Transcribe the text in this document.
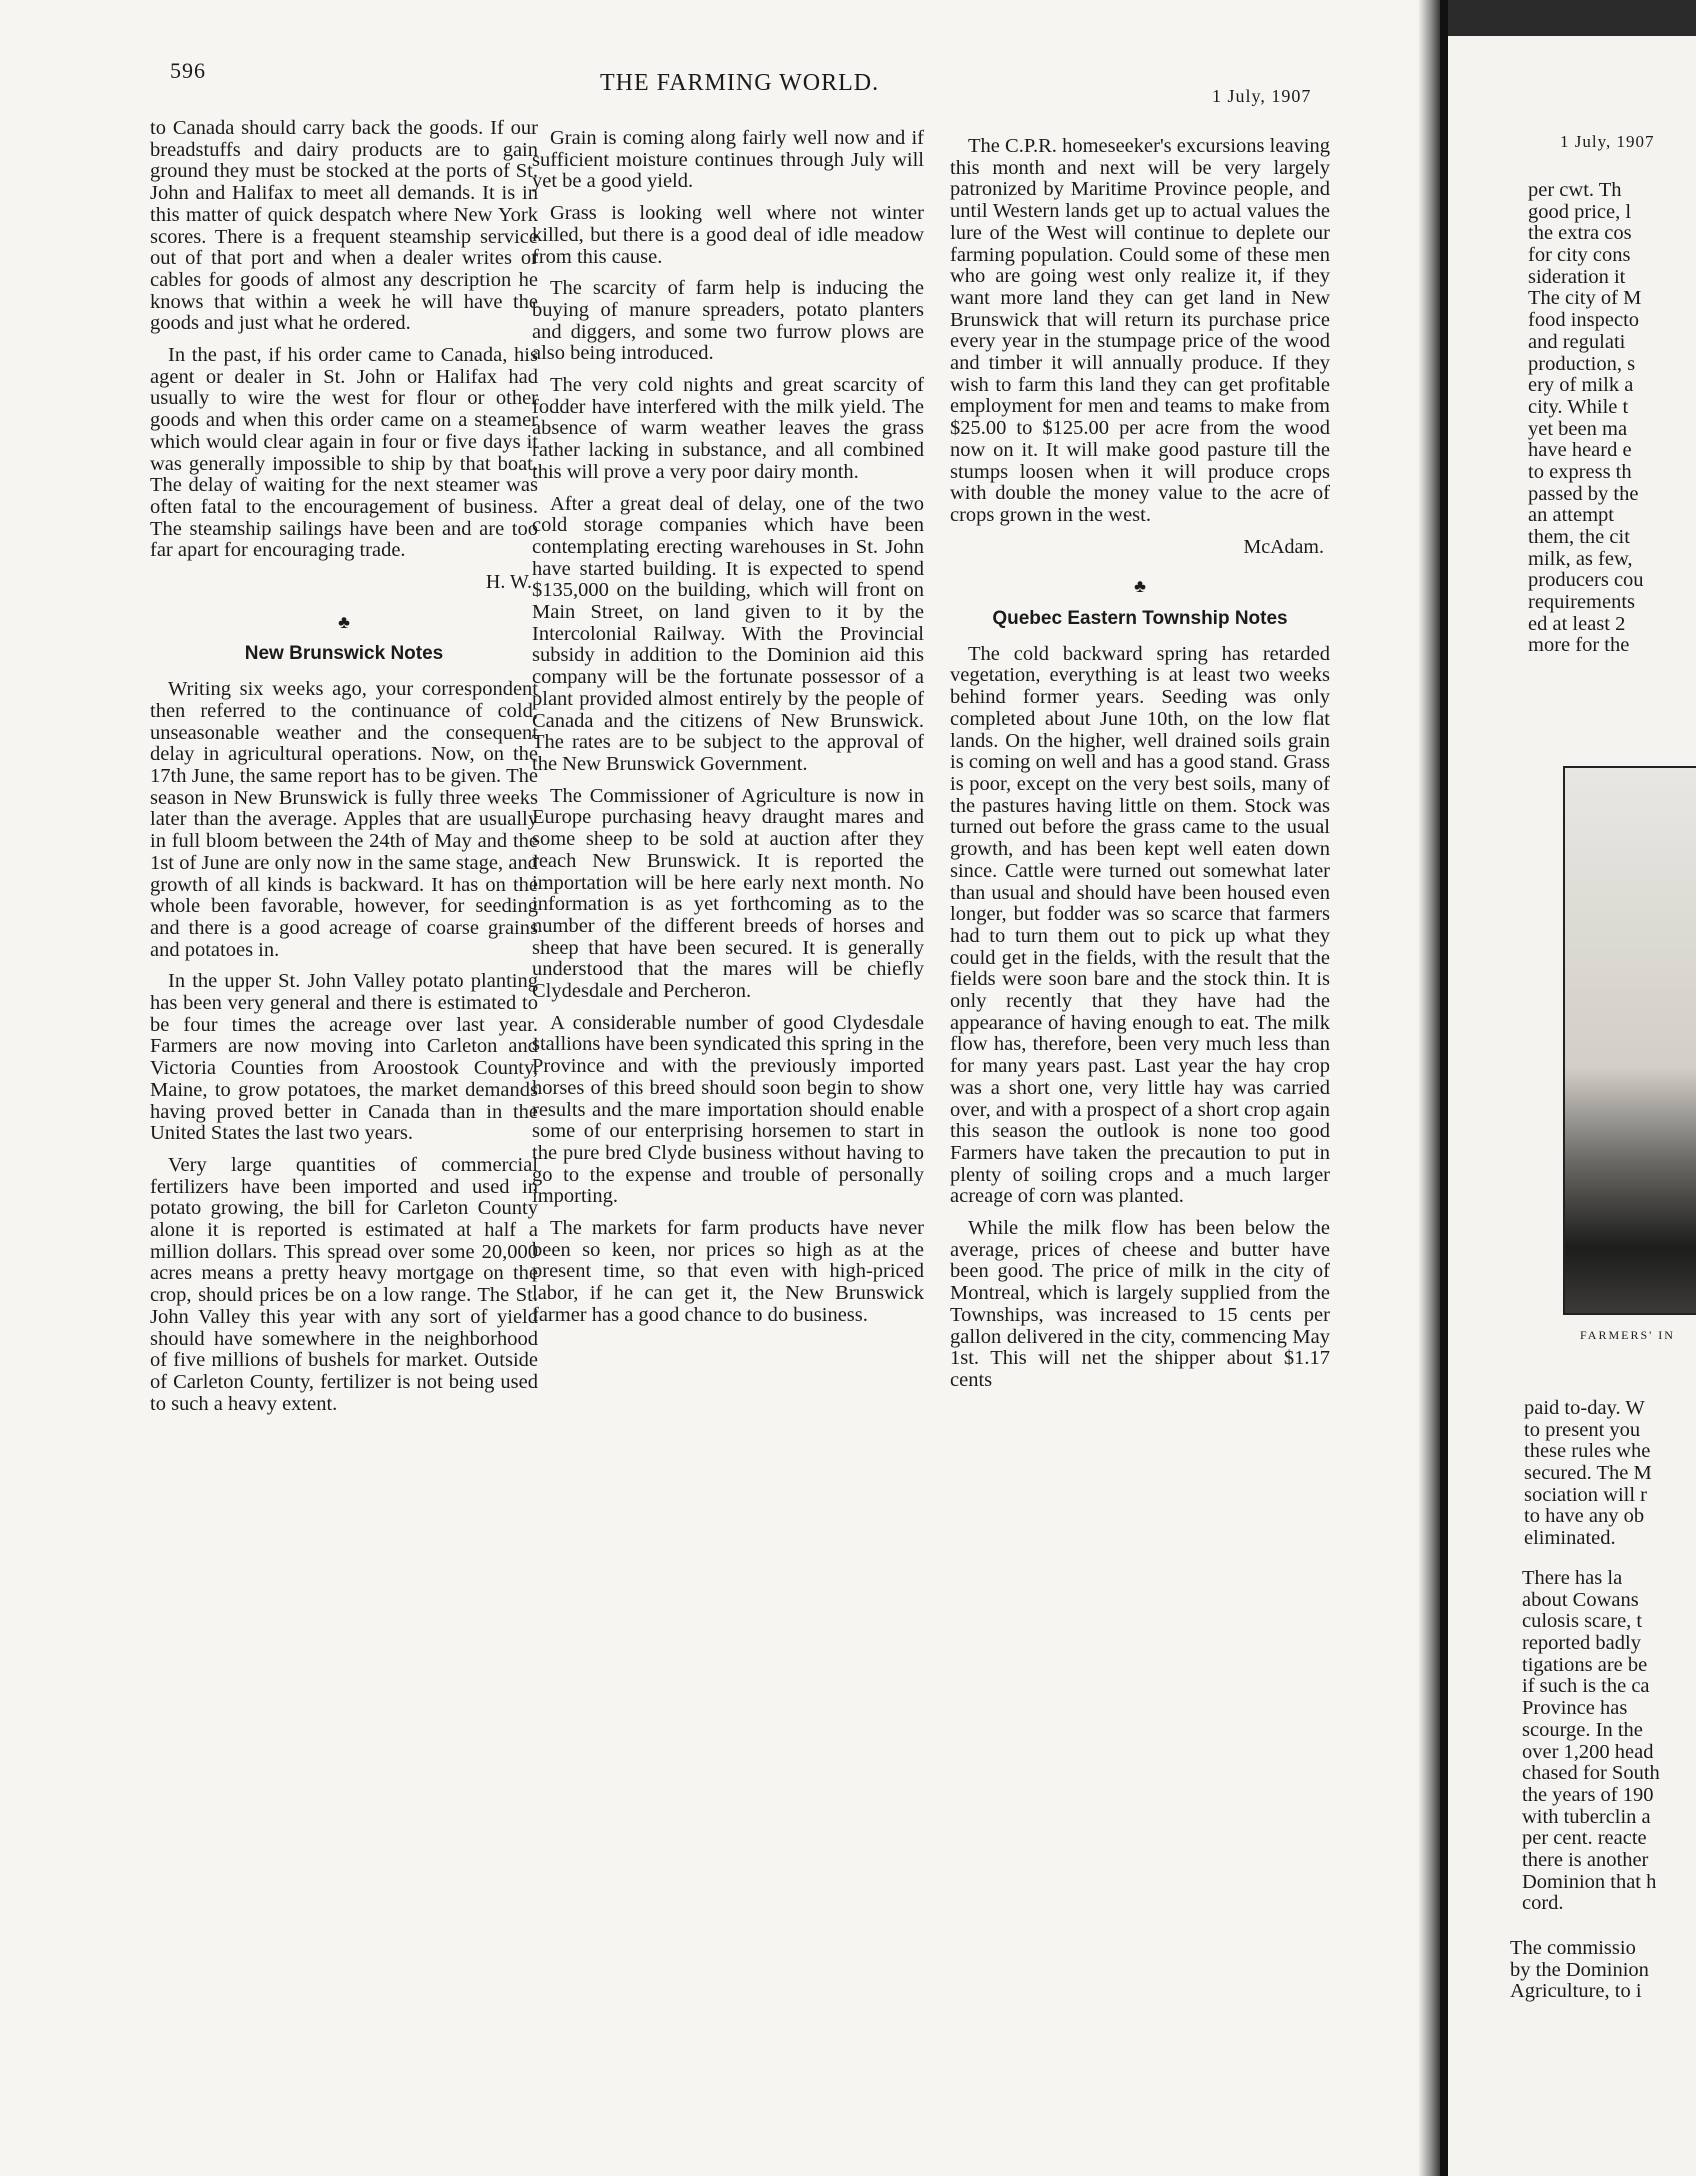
596	THE FARMING WORLD.	1 July, 1907

to Canada should carry back the goods. If our breadstuffs and dairy products are to gain ground they must be stocked at the ports of St. John and Halifax to meet all demands. It is in this matter of quick despatch where New York scores. There is a frequent steamship service out of that port and when a dealer writes or cables for goods of almost any description he knows that within a week he will have the goods and just what he ordered.

In the past, if his order came to Canada, his agent or dealer in St. John or Halifax had usually to wire the west for flour or other goods and when this order came on a steamer which would clear again in four or five days it was generally impossible to ship by that boat. The delay of waiting for the next steamer was often fatal to the encouragement of business. The steamship sailings have been and are too far apart for encouraging trade.

H. W.
♣
New Brunswick Notes

Writing six weeks ago, your correspondent then referred to the continuance of cold, unseasonable weather and the consequent delay in agricultural operations. Now, on the 17th June, the same report has to be given. The season in New Brunswick is fully three weeks later than the average. Apples that are usually in full bloom between the 24th of May and the 1st of June are only now in the same stage, and growth of all kinds is backward. It has on the whole been favorable, however, for seeding and there is a good acreage of coarse grains and potatoes in.

In the upper St. John Valley potato planting has been very general and there is estimated to be four times the acreage over last year. Farmers are now moving into Carleton and Victoria Counties from Aroostook County, Maine, to grow potatoes, the market demands having proved better in Canada than in the United States the last two years.

Very large quantities of commercial fertilizers have been imported and used in potato growing, the bill for Carleton County alone it is reported is estimated at half a million dollars. This spread over some 20,000 acres means a pretty heavy mortgage on the crop, should prices be on a low range. The St. John Valley this year with any sort of yield should have somewhere in the neighborhood of five millions of bushels for market. Outside of Carleton County, fertilizer is not being used to such a heavy extent.

Grain is coming along fairly well now and if sufficient moisture continues through July will yet be a good yield.

Grass is looking well where not winter killed, but there is a good deal of idle meadow from this cause.

The scarcity of farm help is inducing the buying of manure spreaders, potato planters and diggers, and some two furrow plows are also being introduced.

The very cold nights and great scarcity of fodder have interfered with the milk yield. The absence of warm weather leaves the grass rather lacking in substance, and all combined this will prove a very poor dairy month.

After a great deal of delay, one of the two cold storage companies which have been contemplating erecting warehouses in St. John have started building. It is expected to spend $135,000 on the building, which will front on Main Street, on land given to it by the Intercolonial Railway. With the Provincial subsidy in addition to the Dominion aid this company will be the fortunate possessor of a plant provided almost entirely by the people of Canada and the citizens of New Brunswick. The rates are to be subject to the approval of the New Brunswick Government.

The Commissioner of Agriculture is now in Europe purchasing heavy draught mares and some sheep to be sold at auction after they reach New Brunswick. It is reported the importation will be here early next month. No information is as yet forthcoming as to the number of the different breeds of horses and sheep that have been secured. It is generally understood that the mares will be chiefly Clydesdale and Percheron.

A considerable number of good Clydesdale stallions have been syndicated this spring in the Province and with the previously imported horses of this breed should soon begin to show results and the mare importation should enable some of our enterprising horsemen to start in the pure bred Clyde business without having to go to the expense and trouble of personally importing.

The markets for farm products have never been so keen, nor prices so high as at the present time, so that even with high-priced labor, if he can get it, the New Brunswick farmer has a good chance to do business.

The C.P.R. homeseeker's excursions leaving this month and next will be very largely patronized by Maritime Province people, and until Western lands get up to actual values the lure of the West will continue to deplete our farming population. Could some of these men who are going west only realize it, if they want more land they can get land in New Brunswick that will return its purchase price every year in the stumpage price of the wood and timber it will annually produce. If they wish to farm this land they can get profitable employment for men and teams to make from $25.00 to $125.00 per acre from the wood now on it. It will make good pasture till the stumps loosen when it will produce crops with double the money value to the acre of crops grown in the west.

McAdam.
♣
Quebec Eastern Township Notes

The cold backward spring has retarded vegetation, everything is at least two weeks behind former years. Seeding was only completed about June 10th, on the low flat lands. On the higher, well drained soils grain is coming on well and has a good stand. Grass is poor, except on the very best soils, many of the pastures having little on them. Stock was turned out before the grass came to the usual growth, and has been kept well eaten down since. Cattle were turned out somewhat later than usual and should have been housed even longer, but fodder was so scarce that farmers had to turn them out to pick up what they could get in the fields, with the result that the fields were soon bare and the stock thin. It is only recently that they have had the appearance of having enough to eat. The milk flow has, therefore, been very much less than for many years past. Last year the hay crop was a short one, very little hay was carried over, and with a prospect of a short crop again this season the outlook is none too good Farmers have taken the precaution to put in plenty of soiling crops and a much larger acreage of corn was planted.

While the milk flow has been below the average, prices of cheese and butter have been good. The price of milk in the city of Montreal, which is largely supplied from the Townships, was increased to 15 cents per gallon delivered in the city, commencing May 1st. This will net the shipper about $1.17 cents

1 July, 1907
per cwt. Th
good price, l
the extra cos
for city cons
sideration it
The city of M
food inspecto
and regulati
production, s
ery of milk a
city. While t
yet been ma
have heard e
to express th
passed by the
an attempt
them, the cit
milk, as few,
producers cou
requirements
ed at least 2
more for the
FARMERS' IN
paid to-day. W
to present you
these rules whe
secured. The M
sociation will r
to have any ob
eliminated.
There has la
about Cowans
culosis scare, t
reported badly
tigations are be
if such is the ca
Province has
scourge. In the
over 1,200 head
chased for South
the years of 190
with tuberclin a
per cent. reacte
there is another
Dominion that h
cord.
The commissio
by the Dominion
Agriculture, to i
